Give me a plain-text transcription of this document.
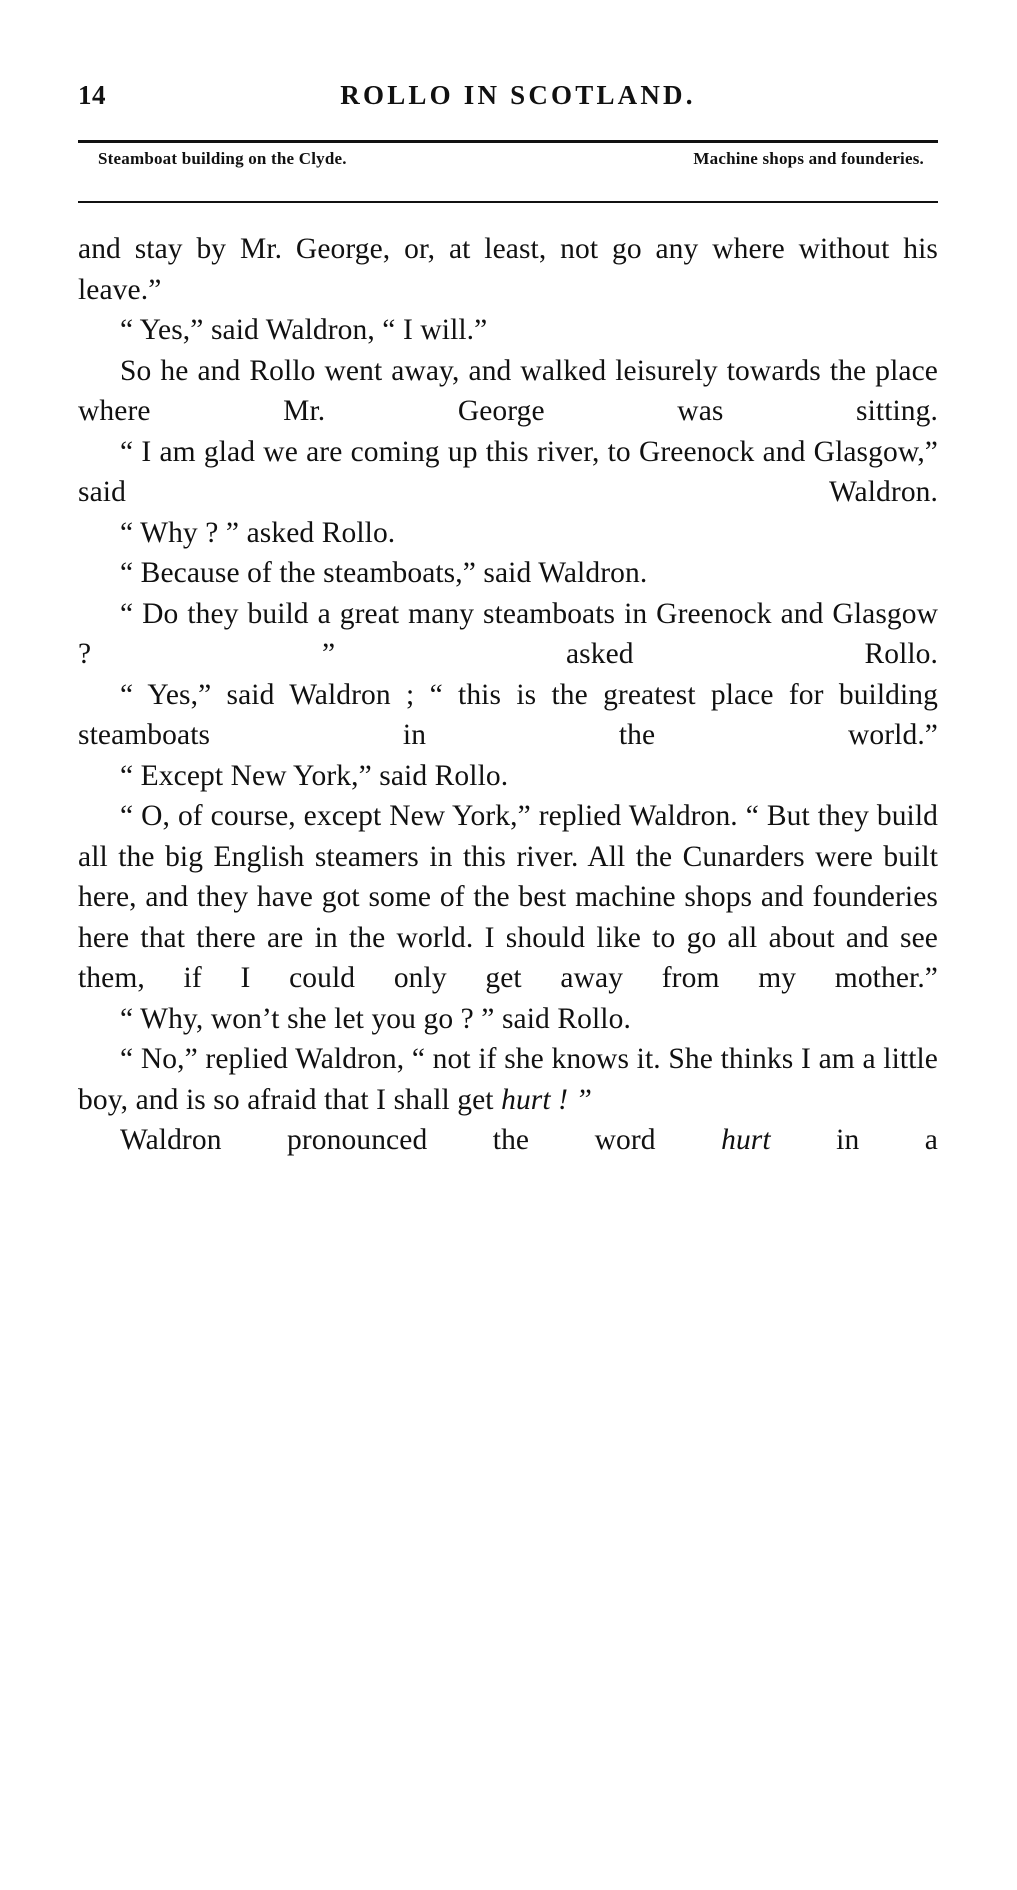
14	ROLLO IN SCOTLAND.
Steamboat building on the Clyde.	Machine shops and founderies.

and stay by Mr. George, or, at least, not go any where without his leave.”

“ Yes,” said Waldron, “ I will.”

So he and Rollo went away, and walked leisurely towards the place where Mr. George was sitting.

“ I am glad we are coming up this river, to Greenock and Glasgow,” said Waldron.

“ Why ? ” asked Rollo.

“ Because of the steamboats,” said Waldron.

“ Do they build a great many steamboats in Greenock and Glasgow ? ” asked Rollo.

“ Yes,” said Waldron ; “ this is the greatest place for building steamboats in the world.”

“ Except New York,” said Rollo.

“ O, of course, except New York,” replied Waldron. “ But they build all the big English steamers in this river. All the Cunarders were built here, and they have got some of the best machine shops and founderies here that there are in the world. I should like to go all about and see them, if I could only get away from my mother.”

“ Why, won’t she let you go ? ” said Rollo.

“ No,” replied Waldron, “ not if she knows it. She thinks I am a little boy, and is so afraid that I shall get hurt ! ”

Waldron pronounced the word hurt in a
